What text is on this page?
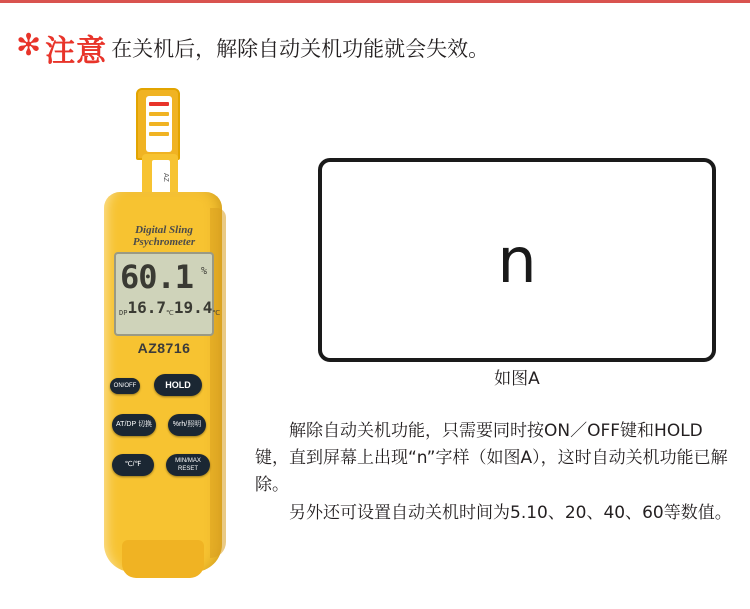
✻ 注意 在关机后，解除自动关机功能就会失效。
AZ
Digital Sling
Psychrometer
60.1 %
DP 16.7 ℃ 19.4 ℃
AZ8716
HOLD
ON/OFF
AT/DP 切换	%rh/照明
℃/℉	MIN/MAX RESET
n
如图A
解除自动关机功能，只需要同时按ON／OFF键和HOLD键，直到屏幕上出现“n”字样（如图A），这时自动关机功能已解除。
另外还可设置自动关机时间为5.10、20、40、60等数值。
